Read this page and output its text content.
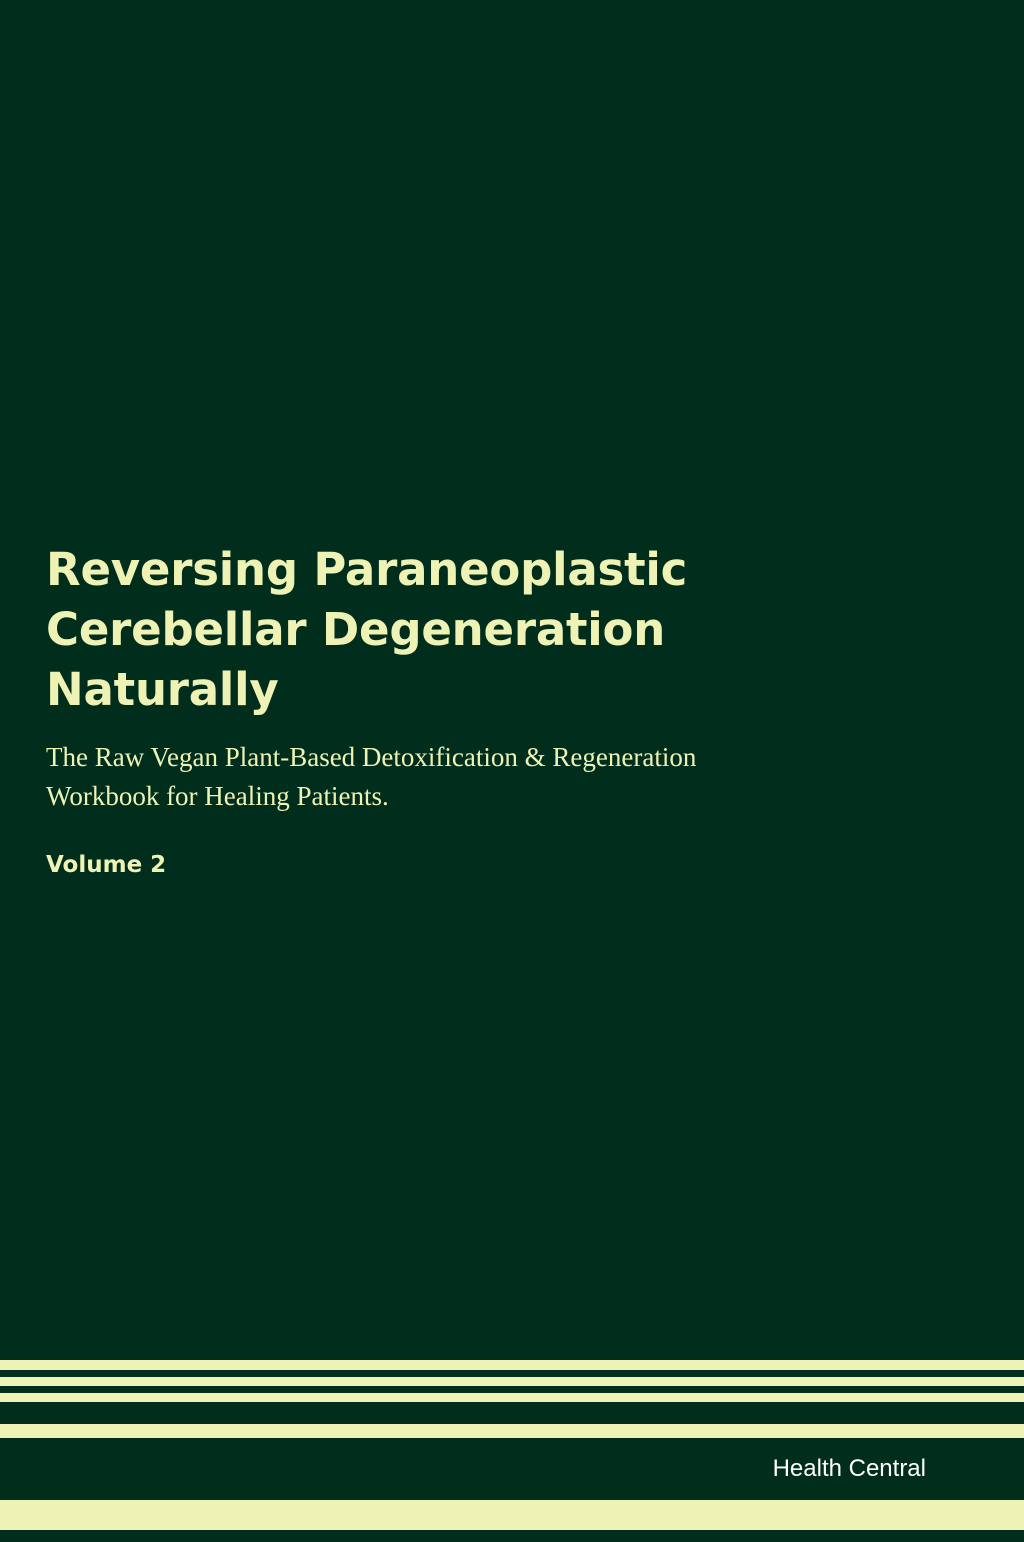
Reversing Paraneoplastic Cerebellar Degeneration Naturally

The Raw Vegan Plant-Based Detoxification & Regeneration Workbook for Healing Patients.

Volume 2

Health Central
